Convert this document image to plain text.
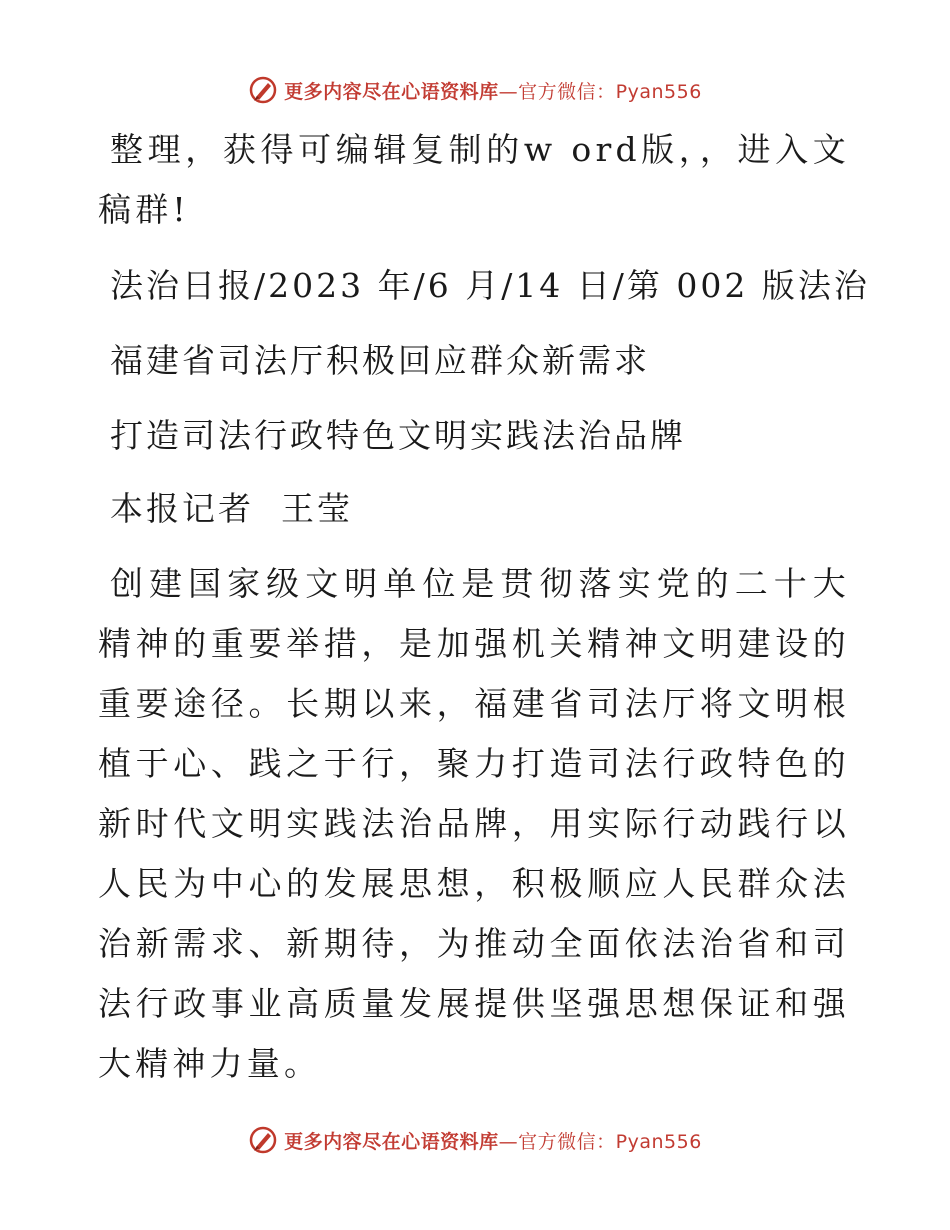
更多内容尽在心语资料库—官方微信：Pyan556
整理，获得可编辑复制的w ord版，，进入文稿群!
法治日报/2023 年/6 月/14 日/第 002 版法治
福建省司法厅积极回应群众新需求
打造司法行政特色文明实践法治品牌
本报记者  王莹
创建国家级文明单位是贯彻落实党的二十大精神的重要举措，是加强机关精神文明建设的重要途径。长期以来，福建省司法厅将文明根植于心、践之于行，聚力打造司法行政特色的新时代文明实践法治品牌，用实际行动践行以人民为中心的发展思想，积极顺应人民群众法治新需求、新期待，为推动全面依法治省和司法行政事业高质量发展提供坚强思想保证和强大精神力量。
更多内容尽在心语资料库—官方微信：Pyan556
